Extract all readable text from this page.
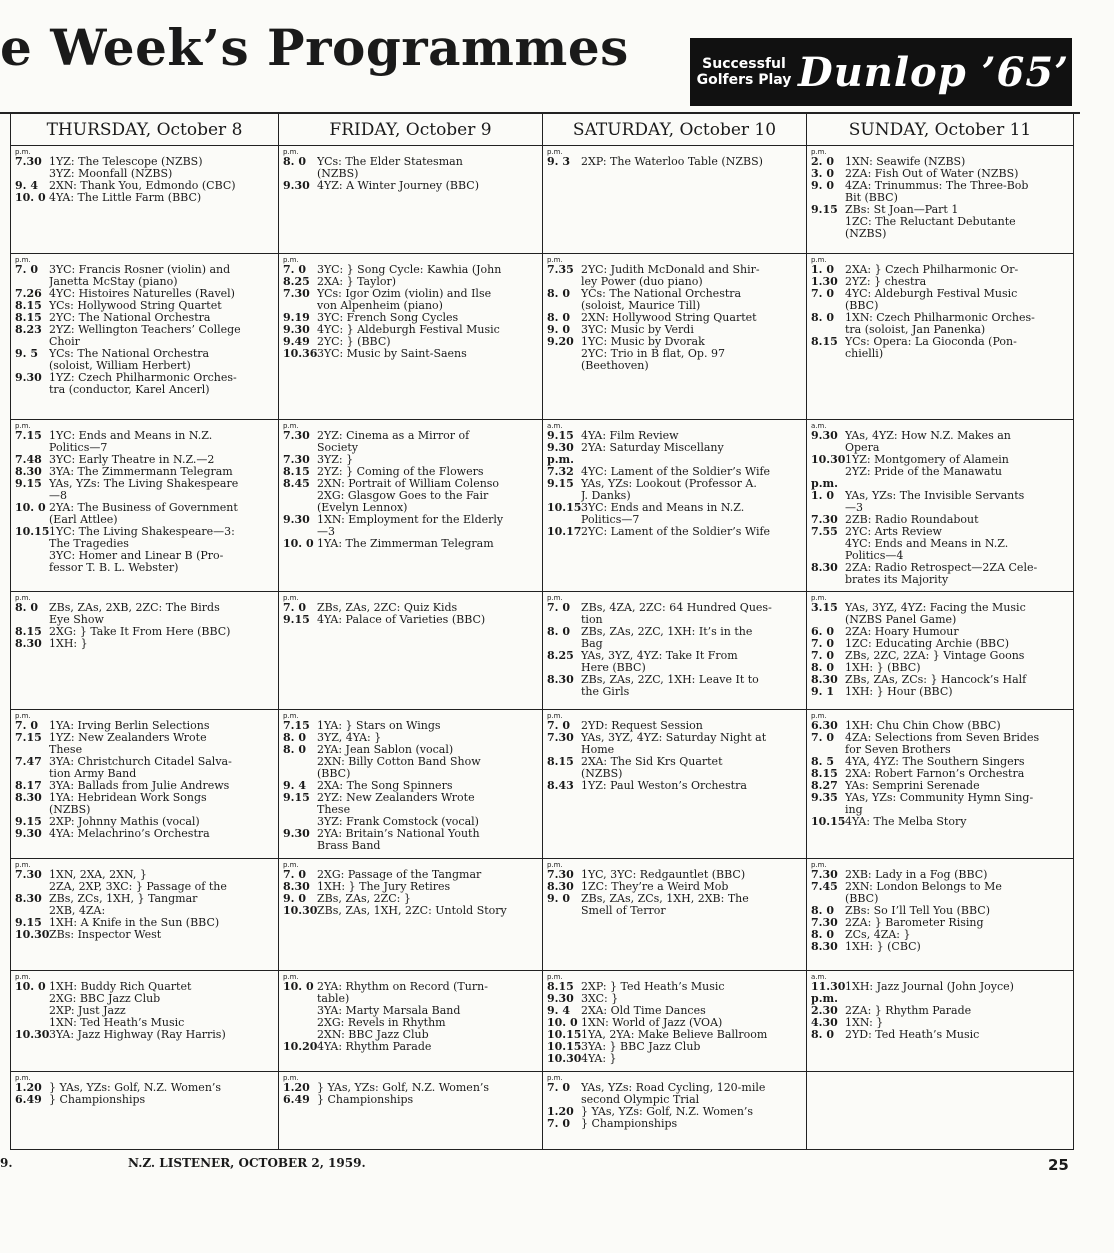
e Week’s Programmes	Successful Golfers Play Dunlop ’65’
THURSDAY, October 8
p.m.
7.30 1YZ: The Telescope (NZBS)
3YZ: Moonfall (NZBS)
9. 4	2XN: Thank You, Edmondo (CBC)
10. 0 4YA: The Little Farm (BBC)
p.m.
7. 0	3YC: Francis Rosner (violin) and
Janetta McStay (piano)
7.26 4YC: Histoires Naturelles (Ravel)
8.15 YCs: Hollywood String Quartet
8.15 2YC: The National Orchestra
8.23 2YZ: Wellington Teachers’ College
Choir
9. 5	YCs: The National Orchestra
(soloist, William Herbert)
9.30 1YZ: Czech Philharmonic Orches-
tra (conductor, Karel Ancerl)
p.m.
7.15 1YC: Ends and Means in N.Z.
Politics—7
7.48 3YC: Early Theatre in N.Z.—2
8.30 3YA: The Zimmermann Telegram
9.15 YAs, YZs: The Living Shakespeare
—8
10. 0 2YA: The Business of Government
(Earl Attlee)
10.15 1YC: The Living Shakespeare—3:
The Tragedies
3YC: Homer and Linear B (Pro-
fessor T. B. L. Webster)
p.m.
8. 0	ZBs, ZAs, 2XB, 2ZC: The Birds
Eye Show
8.15 2XG: } Take It From Here (BBC)
8.30 1XH: }
p.m.
7. 0	1YA: Irving Berlin Selections
7.15 1YZ: New Zealanders Wrote
These
7.47 3YA: Christchurch Citadel Salva-
tion Army Band
8.17 3YA: Ballads from Julie Andrews
8.30 1YA: Hebridean Work Songs
(NZBS)
9.15 2XP: Johnny Mathis (vocal)
9.30 4YA: Melachrino’s Orchestra
p.m.
7.30 1XN, 2XA, 2XN, }
2ZA, 2XP, 3XC: } Passage of the
8.30 ZBs, ZCs, 1XH, } Tangmar
2XB, 4ZA:
9.15 1XH: A Knife in the Sun (BBC)
10.30 ZBs: Inspector West
p.m.
10. 0 1XH: Buddy Rich Quartet
2XG: BBC Jazz Club
2XP: Just Jazz
1XN: Ted Heath’s Music
10.30 3YA: Jazz Highway (Ray Harris)
p.m.
1.20 } YAs, YZs: Golf, N.Z. Women’s
6.49 } Championships
FRIDAY, October 9
p.m.
8. 0	YCs: The Elder Statesman
(NZBS)
9.30 4YZ: A Winter Journey (BBC)
p.m.
7. 0	3YC: } Song Cycle: Kawhia (John
8.25 2XA: } Taylor)
7.30 YCs: Igor Ozim (violin) and Ilse
von Alpenheim (piano)
9.19 3YC: French Song Cycles
9.30 4YC: } Aldeburgh Festival Music
9.49 2YC: } (BBC)
10.36 3YC: Music by Saint-Saens
p.m.
7.30 2YZ: Cinema as a Mirror of
Society
7.30 3YZ: }
8.15 2YZ: } Coming of the Flowers
8.45 2XN: Portrait of William Colenso
2XG: Glasgow Goes to the Fair
(Evelyn Lennox)
9.30 1XN: Employment for the Elderly
—3
10. 0 1YA: The Zimmerman Telegram
p.m.
7. 0	ZBs, ZAs, 2ZC: Quiz Kids
9.15 4YA: Palace of Varieties (BBC)
p.m.
7.15 1YA: } Stars on Wings
8. 0	3YZ, 4YA: }
8. 0	2YA: Jean Sablon (vocal)
2XN: Billy Cotton Band Show
(BBC)
9. 4	2XA: The Song Spinners
9.15 2YZ: New Zealanders Wrote
These
3YZ: Frank Comstock (vocal)
9.30 2YA: Britain’s National Youth
Brass Band
p.m.
7. 0	2XG: Passage of the Tangmar
8.30 1XH: } The Jury Retires
9. 0	ZBs, ZAs, 2ZC: }
10.30 ZBs, ZAs, 1XH, 2ZC: Untold Story
p.m.
10. 0 2YA: Rhythm on Record (Turn-
table)
3YA: Marty Marsala Band
2XG: Revels in Rhythm
2XN: BBC Jazz Club
10.20 4YA: Rhythm Parade
p.m.
1.20 } YAs, YZs: Golf, N.Z. Women’s
6.49 } Championships
SATURDAY, October 10
p.m.
9. 3	2XP: The Waterloo Table (NZBS)
p.m.
7.35 2YC: Judith McDonald and Shir-
ley Power (duo piano)
8. 0	YCs: The National Orchestra
(soloist, Maurice Till)
8. 0	2XN: Hollywood String Quartet
9. 0	3YC: Music by Verdi
9.20 1YC: Music by Dvorak
2YC: Trio in B flat, Op. 97
(Beethoven)
a.m.
9.15 4YA: Film Review
9.30 2YA: Saturday Miscellany
p.m.
7.32 4YC: Lament of the Soldier’s Wife
9.15 YAs, YZs: Lookout (Professor A.
J. Danks)
10.15 3YC: Ends and Means in N.Z.
Politics—7
10.17 2YC: Lament of the Soldier’s Wife
p.m.
7. 0	ZBs, 4ZA, 2ZC: 64 Hundred Ques-
tion
8. 0	ZBs, ZAs, 2ZC, 1XH: It’s in the
Bag
8.25 YAs, 3YZ, 4YZ: Take It From
Here (BBC)
8.30 ZBs, ZAs, 2ZC, 1XH: Leave It to
the Girls
p.m.
7. 0	2YD: Request Session
7.30 YAs, 3YZ, 4YZ: Saturday Night at
Home
8.15 2XA: The Sid Krs Quartet
(NZBS)
8.43 1YZ: Paul Weston’s Orchestra
p.m.
7.30 1YC, 3YC: Redgauntlet (BBC)
8.30 1ZC: They’re a Weird Mob
9. 0	ZBs, ZAs, ZCs, 1XH, 2XB: The
Smell of Terror
p.m.
8.15 2XP: } Ted Heath’s Music
9.30 3XC: }
9. 4	2XA: Old Time Dances
10. 0 1XN: World of Jazz (VOA)
10.15 1YA, 2YA: Make Believe Ballroom
10.15 3YA: } BBC Jazz Club
10.30 4YA: }
p.m.
7. 0	YAs, YZs: Road Cycling, 120-mile
second Olympic Trial
1.20 } YAs, YZs: Golf, N.Z. Women’s
7. 0	} Championships
SUNDAY, October 11
p.m.
2. 0	1XN: Seawife (NZBS)
3. 0	2ZA: Fish Out of Water (NZBS)
9. 0	4ZA: Trinummus: The Three-Bob
Bit (BBC)
9.15 ZBs: St Joan—Part 1
1ZC: The Reluctant Debutante
(NZBS)
p.m.
1. 0	2XA: } Czech Philharmonic Or-
1.30 2YZ: } chestra
7. 0	4YC: Aldeburgh Festival Music
(BBC)
8. 0	1XN: Czech Philharmonic Orches-
tra (soloist, Jan Panenka)
8.15 YCs: Opera: La Gioconda (Pon-
chielli)
a.m.
9.30 YAs, 4YZ: How N.Z. Makes an
Opera
10.30 1YZ: Montgomery of Alamein
2YZ: Pride of the Manawatu
p.m.
1. 0	YAs, YZs: The Invisible Servants
—3
7.30 2ZB: Radio Roundabout
7.55 2YC: Arts Review
4YC: Ends and Means in N.Z.
Politics—4
8.30 2ZA: Radio Retrospect—2ZA Cele-
brates its Majority
p.m.
3.15 YAs, 3YZ, 4YZ: Facing the Music
(NZBS Panel Game)
6. 0	2ZA: Hoary Humour
7. 0	1ZC: Educating Archie (BBC)
7. 0	ZBs, 2ZC, 2ZA: } Vintage Goons
8. 0	1XH: } (BBC)
8.30 ZBs, ZAs, ZCs: } Hancock’s Half
9. 1	1XH: } Hour (BBC)
p.m.
6.30 1XH: Chu Chin Chow (BBC)
7. 0	4ZA: Selections from Seven Brides
for Seven Brothers
8. 5	4YA, 4YZ: The Southern Singers
8.15 2XA: Robert Farnon’s Orchestra
8.27 YAs: Semprini Serenade
9.35 YAs, YZs: Community Hymn Sing-
ing
10.15 4YA: The Melba Story
p.m.
7.30 2XB: Lady in a Fog (BBC)
7.45 2XN: London Belongs to Me
(BBC)
8. 0	ZBs: So I’ll Tell You (BBC)
7.30 2ZA: } Barometer Rising
8. 0	ZCs, 4ZA: }
8.30 1XH: } (CBC)
a.m.
11.30 1XH: Jazz Journal (John Joyce)
p.m.
2.30 2ZA: } Rhythm Parade
4.30 1XN: }
8. 0	2YD: Ted Heath’s Music
9.	N.Z. LISTENER, OCTOBER 2, 1959.	25
